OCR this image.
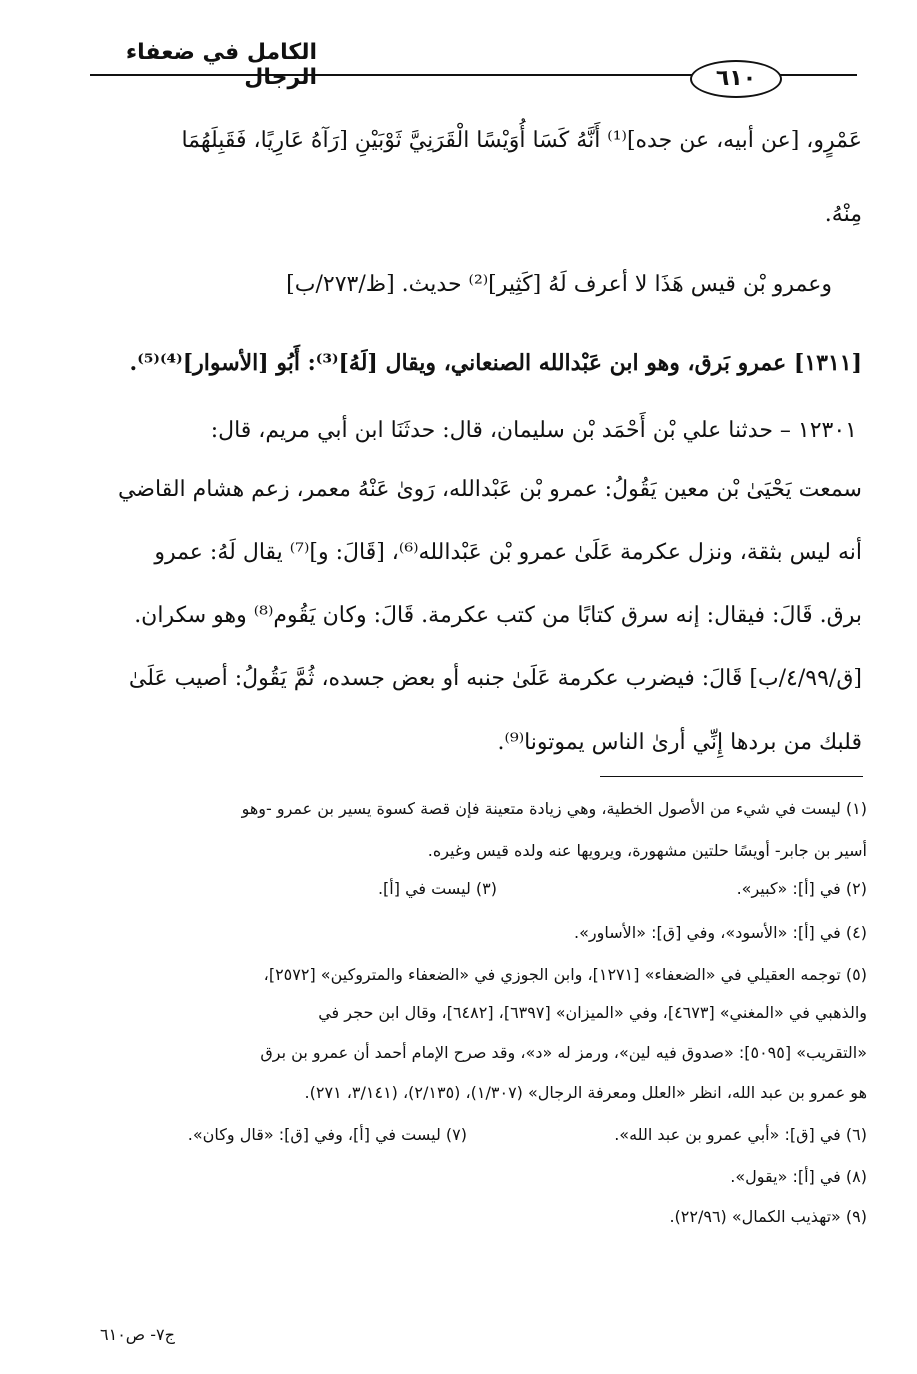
الكامل في ضعفاء الرجال	٦١٠
عَمْرٍو، [عن أبيه، عن جده]⁽¹⁾ أَنَّهُ كَسَا أُوَيْسًا الْقَرَنِيَّ ثَوْبَيْنِ [رَآهُ عَارِيًا، فَقَبِلَهُمَا
مِنْهُ.
وعمرو بْن قيس هَذَا لا أعرف لَهُ [كَثِير]⁽²⁾ حديث. [ظ/٢٧٣/ب]
[١٣١١] عمرو بَرق، وهو ابن عَبْدالله الصنعاني، ويقال [لَهُ]⁽³⁾: أَبُو [الأسوار]⁽⁴⁾⁽⁵⁾.
١٢٣٠١ – حدثنا علي بْن أَحْمَد بْن سليمان، قال: حدثَنَا ابن أبي مريم، قال:
سمعت يَحْيَىٰ بْن معين يَقُولُ: عمرو بْن عَبْدالله، رَوىٰ عَنْهُ معمر، زعم هشام القاضي
أنه ليس بثقة، ونزل عكرمة عَلَىٰ عمرو بْن عَبْدالله⁽⁶⁾، [قَالَ: و]⁽⁷⁾ يقال لَهُ: عمرو
برق. قَالَ: فيقال: إنه سرق كتابًا من كتب عكرمة. قَالَ: وكان يَقُوم⁽⁸⁾ وهو سكران.
[ق/٤/٩٩/ب] قَالَ: فيضرب عكرمة عَلَىٰ جنبه أو بعض جسده، ثُمَّ يَقُولُ: أصيب عَلَىٰ
قلبك من بردها إِنِّي أرىٰ الناس يموتونا⁽⁹⁾.
(١) ليست في شيء من الأصول الخطية، وهي زيادة متعينة فإن قصة كسوة يسير بن عمرو -وهو
أسير بن جابر- أويسًا حلتين مشهورة، ويرويها عنه ولده قيس وغيره.
(٢) في [أ]: «كبير».
(٣) ليست في [أ].
(٤) في [أ]: «الأسود»، وفي [ق]: «الأساور».
(٥) توجمه العقيلي في «الضعفاء» [١٢٧١]، وابن الجوزي في «الضعفاء والمتروكين» [٢٥٧٢]،
والذهبي في «المغني» [٤٦٧٣]، وفي «الميزان» [٦٣٩٧]، [٦٤٨٢]، وقال ابن حجر في
«التقريب» [٥٠٩٥]: «صدوق فيه لين»، ورمز له «د»، وقد صرح الإمام أحمد أن عمرو بن برق
هو عمرو بن عبد الله، انظر «العلل ومعرفة الرجال» (١/٣٠٧)، (٢/١٣٥)، (٣/١٤١، ٢٧١).
(٦) في [ق]: «أبي عمرو بن عبد الله».
(٧) ليست في [أ]، وفي [ق]: «قال وكان».
(٨) في [أ]: «يقول».
(٩) «تهذيب الكمال» (٢٢/٩٦).
ج٧- ص٦١٠
